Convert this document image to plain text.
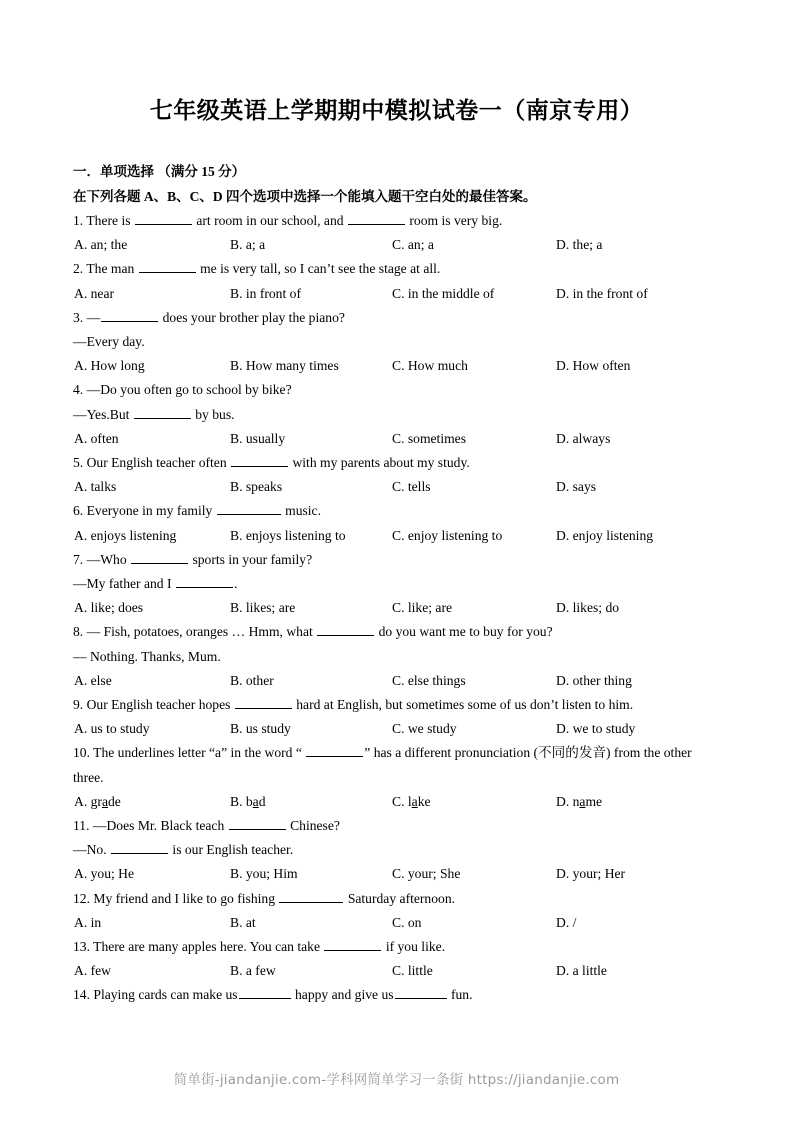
七年级英语上学期期中模拟试卷一（南京专用）
一．单项选择 （满分 15 分）
在下列各题 A、B、C、D 四个选项中选择一个能填入题干空白处的最佳答案。
1. There is	art room in our school, and	room is very big.
A. an; the	B. a; a	C. an; a	D. the; a
2. The man	me is very tall, so I can’t see the stage at all.
A. near	B. in front of	C. in the middle of	D. in the front of
3. —	does your brother play the piano?
—Every day.
A. How long	B. How many times	C. How much	D. How often
4. —Do you often go to school by bike?
—Yes.But	by bus.
A. often	B. usually	C. sometimes	D. always
5. Our English teacher often	with my parents about my study.
A. talks	B. speaks	C. tells	D. says
6. Everyone in my family	music.
A. enjoys listening	B. enjoys listening to	C. enjoy listening to	D. enjoy listening
7. —Who	sports in your family?
—My father and I	.
A. like; does	B. likes; are	C. like; are	D. likes; do
8. — Fish, potatoes, oranges … Hmm, what	do you want me to buy for you?
— Nothing. Thanks, Mum.
A. else	B. other	C. else things	D. other thing
9. Our English teacher hopes	hard at English, but sometimes some of us don’t listen to him.
A. us to study	B. us study	C. we study	D. we to study
10. The underlines letter “a” in the word “	” has a different pronunciation (不同的发音) from the other three.
A. grade	B. bad	C. lake	D. name
11. —Does Mr. Black teach	Chinese?
—No.	is our English teacher.
A. you; He	B. you; Him	C. your; She	D. your; Her
12. My friend and I like to go fishing	Saturday afternoon.
A. in	B. at	C. on	D. /
13. There are many apples here. You can take	if you like.
A. few	B. a few	C. little	D. a little
14. Playing cards can make us	happy and give us	fun.
简单街-jiandanjie.com-学科网简单学习一条街 https://jiandanjie.com
